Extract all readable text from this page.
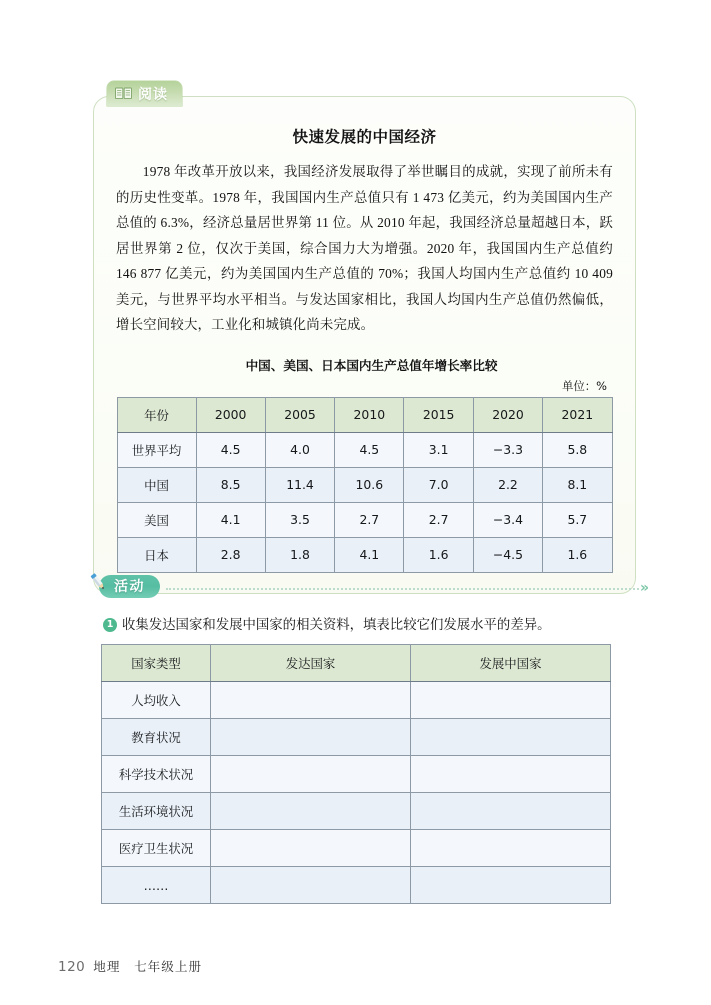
阅读
快速发展的中国经济
1978 年改革开放以来，我国经济发展取得了举世瞩目的成就，实现了前所未有的历史性变革。1978 年，我国国内生产总值只有 1 473 亿美元，约为美国国内生产总值的 6.3%，经济总量居世界第 11 位。从 2010 年起，我国经济总量超越日本，跃居世界第 2 位，仅次于美国，综合国力大为增强。2020 年，我国国内生产总值约 146 877 亿美元，约为美国国内生产总值的 70%；我国人均国内生产总值约 10 409 美元，与世界平均水平相当。与发达国家相比，我国人均国内生产总值仍然偏低，增长空间较大，工业化和城镇化尚未完成。
中国、美国、日本国内生产总值年增长率比较
单位：%
年份	2000	2005	2010	2015	2020	2021
世界平均	4.5	4.0	4.5	3.1	−3.3	5.8
中国	8.5	11.4	10.6	7.0	2.2	8.1
美国	4.1	3.5	2.7	2.7	−3.4	5.7
日本	2.8	1.8	4.1	1.6	−4.5	1.6
活动	»
1 收集发达国家和发展中国家的相关资料，填表比较它们发展水平的差异。
国家类型	发达国家	发展中国家
人均收入		
教育状况		
科学技术状况		
生活环境状况		
医疗卫生状况		
……		
120 地理　七年级上册
